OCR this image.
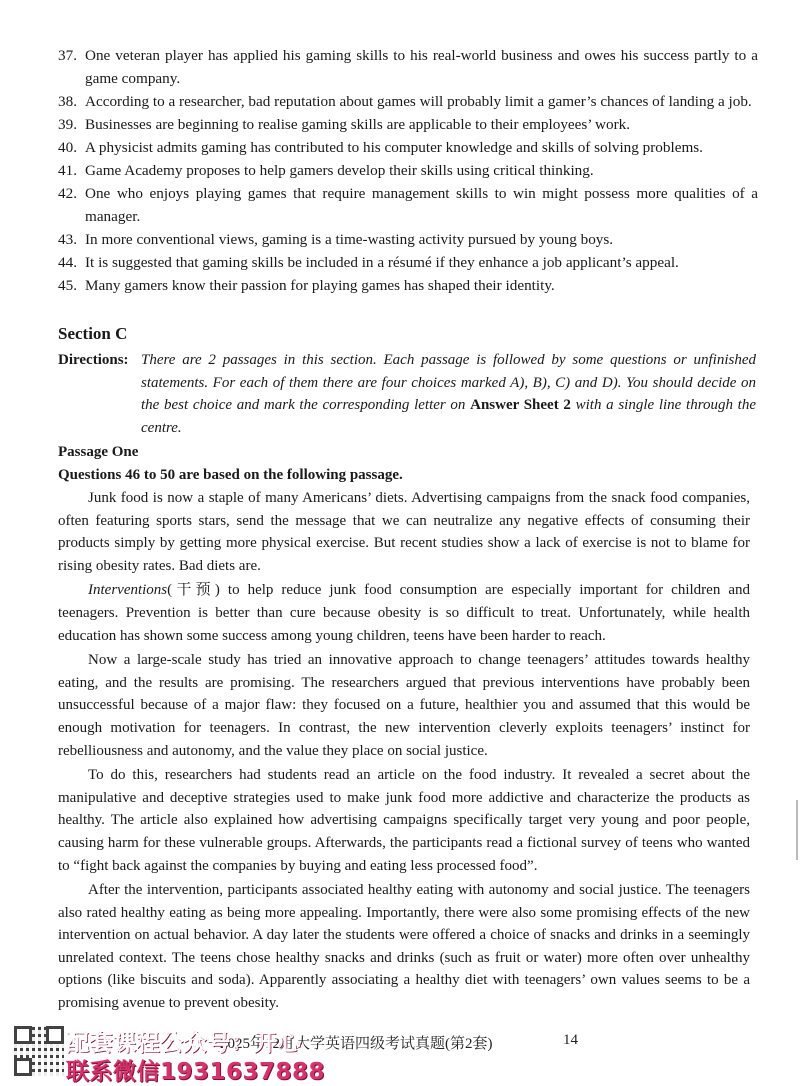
37. One veteran player has applied his gaming skills to his real-world business and owes his success partly to a game company.
38. According to a researcher, bad reputation about games will probably limit a gamer’s chances of landing a job.
39. Businesses are beginning to realise gaming skills are applicable to their employees’ work.
40. A physicist admits gaming has contributed to his computer knowledge and skills of solving problems.
41. Game Academy proposes to help gamers develop their skills using critical thinking.
42. One who enjoys playing games that require management skills to win might possess more qualities of a manager.
43. In more conventional views, gaming is a time-wasting activity pursued by young boys.
44. It is suggested that gaming skills be included in a résumé if they enhance a job applicant’s appeal.
45. Many gamers know their passion for playing games has shaped their identity.
Section C
Directions: There are 2 passages in this section. Each passage is followed by some questions or unfinished statements. For each of them there are four choices marked A), B), C) and D). You should decide on the best choice and mark the corresponding letter on Answer Sheet 2 with a single line through the centre.
Passage One
Questions 46 to 50 are based on the following passage.

Junk food is now a staple of many Americans’ diets. Advertising campaigns from the snack food companies, often featuring sports stars, send the message that we can neutralize any negative effects of consuming their products simply by getting more physical exercise. But recent studies show a lack of exercise is not to blame for rising obesity rates. Bad diets are.

Interventions(干预) to help reduce junk food consumption are especially important for children and teenagers. Prevention is better than cure because obesity is so difficult to treat. Unfortunately, while health education has shown some success among young children, teens have been harder to reach.

Now a large-scale study has tried an innovative approach to change teenagers’ attitudes towards healthy eating, and the results are promising. The researchers argued that previous interventions have probably been unsuccessful because of a major flaw: they focused on a future, healthier you and assumed that this would be enough motivation for teenagers. In contrast, the new intervention cleverly exploits teenagers’ instinct for rebelliousness and autonomy, and the value they place on social justice.

To do this, researchers had students read an article on the food industry. It revealed a secret about the manipulative and deceptive strategies used to make junk food more addictive and characterize the products as healthy. The article also explained how advertising campaigns specifically target very young and poor people, causing harm for these vulnerable groups. Afterwards, the participants read a fictional survey of teens who wanted to “fight back against the companies by buying and eating less processed food”.

After the intervention, participants associated healthy eating with autonomy and social justice. The teenagers also rated healthy eating as being more appealing. Importantly, there were also some promising effects of the new intervention on actual behavior. A day later the students were offered a choice of snacks and drinks in a seemingly unrelated context. The teens chose healthy snacks and drinks (such as fruit or water) more often over unhealthy options (like biscuits and soda). Apparently associating a healthy diet with teenagers’ own values seems to be a promising avenue to prevent obesity.

2025年12月大学英语四级考试真题(第2套)	14
配套课程公众号：开心
联系微信1931637888
